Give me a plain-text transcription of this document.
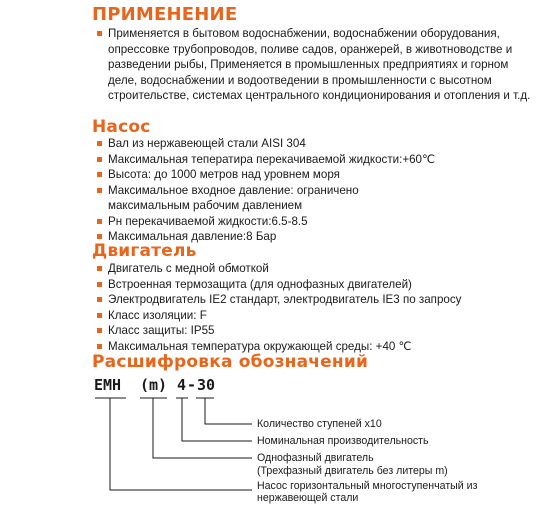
ПРИМЕНЕНИЕ
Применяется в бытовом водоснабжении, водоснабжении оборудования, опрессовке трубопроводов, поливе садов, оранжерей, в животноводстве и разведении рыбы, Применяется в промышленных предприятиях и горном деле, водоснабжении и водоотведении в промышленности с высотном строительстве, системах центрального кондиционирования и отопления и т.д.
Насос
Вал из нержавеющей стали AISI 304
Максимальная теператира перекачиваемой жидкости:+60℃
Высота: до 1000 метров над уровнем моря
Максимальное входное давление: ограничено максимальным рабочим давлением
Pн перекачиваемой жидкости:6.5-8.5
Максимальная давление:8 Бар
Двигатель
Двигатель с медной обмоткой
Встроенная термозащита (для однофазных двигателей)
Электродвигатель IE2 стандарт, электродвигатель IE3 по запросу
Класс изоляции: F
Класс защиты: IP55
Максимальная температура окружающей среды: +40 ℃
Расшифровка обозначений
EMH (m) 4 - 30
Количество ступеней х10
Номинальная производительность
Однофазный двигатель
(Трехфазный двигатель без литеры m)
Насос горизонтальный многоступенчатый из
нержавеющей стали
